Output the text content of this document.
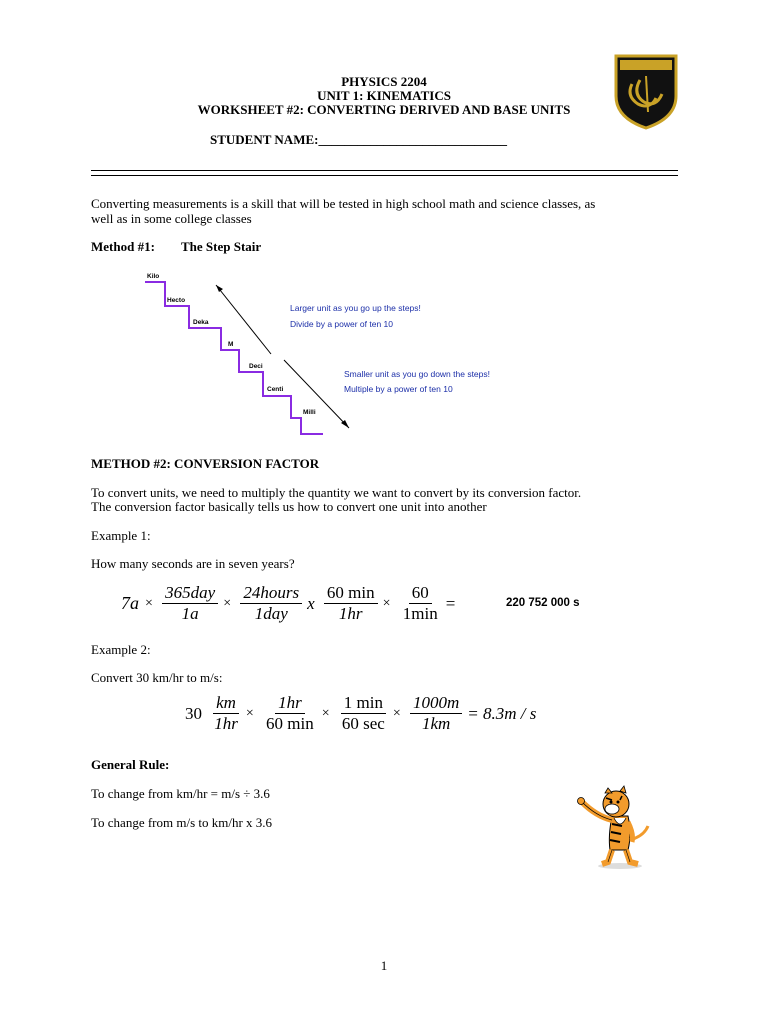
PHYSICS 2204
UNIT 1: KINEMATICS
WORKSHEET #2: CONVERTING DERIVED AND BASE UNITS
STUDENT NAME:_____________________________
Converting measurements is a skill that will be tested in high school math and science classes, as
well as in some college classes
Method #1: The Step Stair
Kilo
Hecto
Deka
M
Deci
Centi
Milli
Larger unit as you go up the steps!
Divide by a power of ten 10
Smaller unit as you go down the steps!
Multiple by a power of ten 10
METHOD #2: CONVERSION FACTOR
To convert units, we need to multiply the quantity we want to convert by its conversion factor.
The conversion factor basically tells us how to convert one unit into another
Example 1:
How many seconds are in seven years?
$7a \times \frac{\text{365day}}{1a} \times \frac{\text{24hours}}{\text{1day}}$ x $\frac{60 \min}{1hr} \times \frac{60}{1\min}$ =	220 752 000 s
Example 2:
Convert 30 km/hr to m/s:
$30 \frac{km}{1hr} \times \frac{1hr}{60 \min} \times \frac{1 \min}{60 \sec} \times \frac{1000m}{1km} = 8.3m / s$
General Rule:
To change from km/hr = m/s ÷ 3.6
To change from m/s to km/hr x 3.6
1
